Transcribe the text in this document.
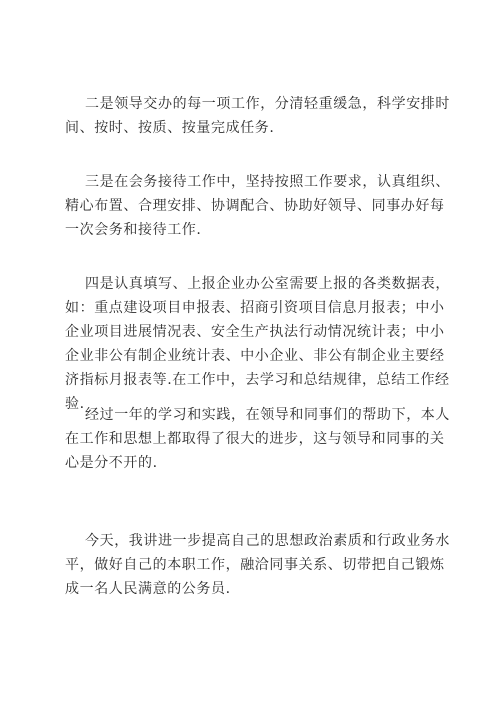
二是领导交办的每一项工作，分清轻重缓急，科学安排时间、按时、按质、按量完成任务.

三是在会务接待工作中，坚持按照工作要求，认真组织、精心布置、合理安排、协调配合、协助好领导、同事办好每一次会务和接待工作.

四是认真填写、上报企业办公室需要上报的各类数据表，如：重点建设项目申报表、招商引资项目信息月报表；中小企业项目进展情况表、安全生产执法行动情况统计表；中小企业非公有制企业统计表、中小企业、非公有制企业主要经济指标月报表等.在工作中，去学习和总结规律，总结工作经验.

经过一年的学习和实践，在领导和同事们的帮助下，本人在工作和思想上都取得了很大的进步，这与领导和同事的关心是分不开的.

今天，我讲进一步提高自己的思想政治素质和行政业务水平，做好自己的本职工作，融洽同事关系、切带把自己锻炼成一名人民满意的公务员.
